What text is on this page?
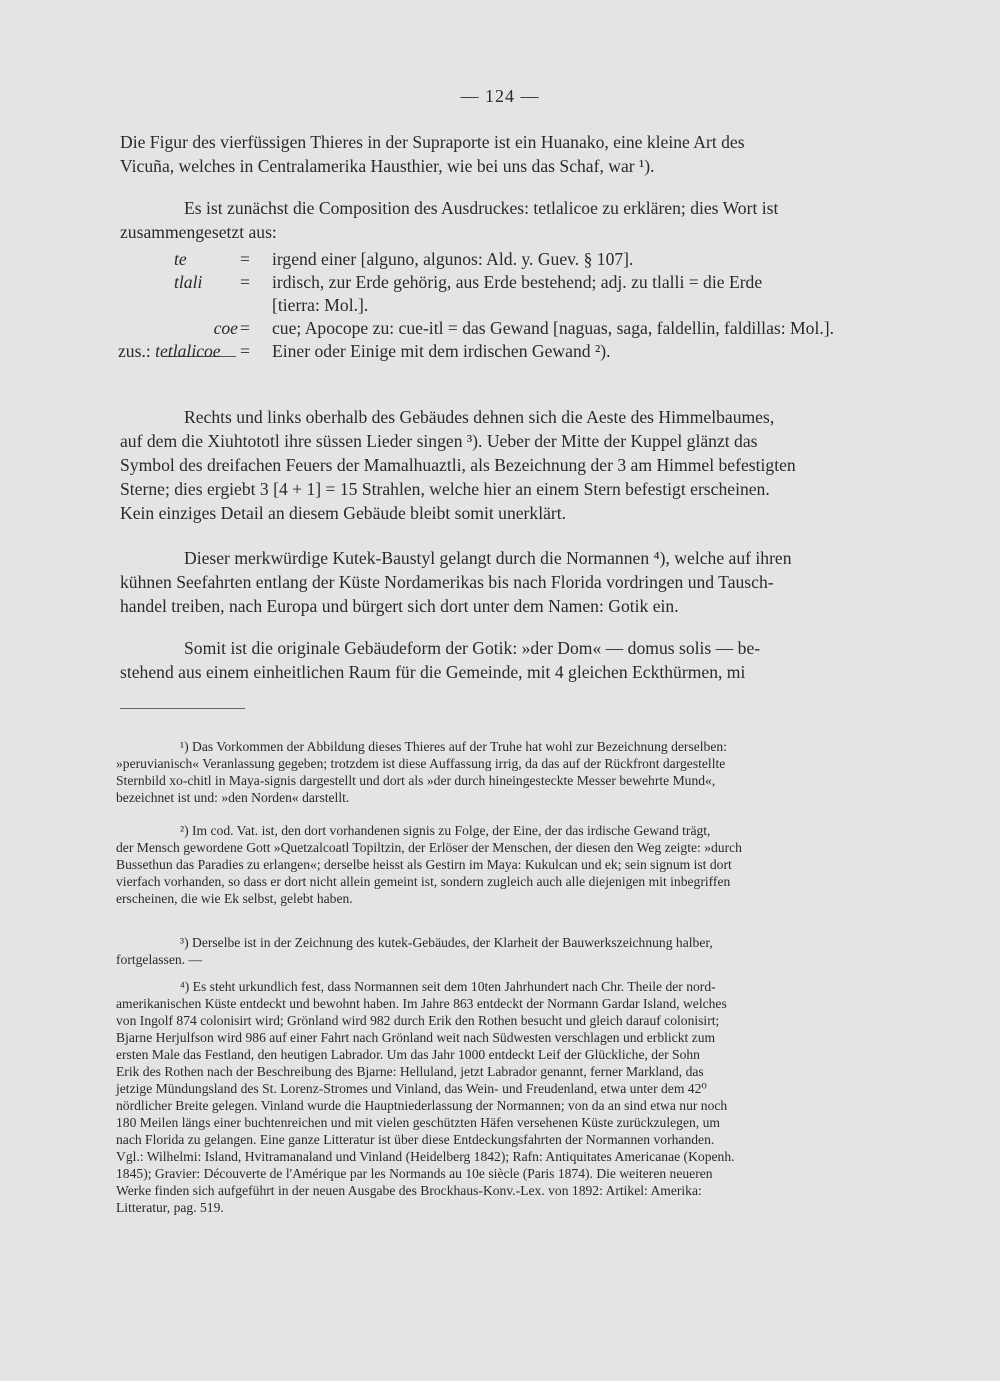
— 124 —
Die Figur des vierfüssigen Thieres in der Supraporte ist ein Huanako, eine kleine Art des
Vicuña, welches in Centralamerika Hausthier, wie bei uns das Schaf, war ¹).
Es ist zunächst die Composition des Ausdruckes: tetlalicoe zu erklären; dies Wort ist
zusammengesetzt aus:
te	= irgend einer [alguno, algunos: Ald. y. Guev. § 107].
tlali	= irdisch, zur Erde gehörig, aus Erde bestehend; adj. zu tlalli = die Erde
[tierra: Mol.].
coe = cue; Apocope zu: cue-itl = das Gewand [naguas, saga, faldellin, faldillas: Mol.].
zus.: tetlalicoe	= Einer oder Einige mit dem irdischen Gewand ²).
Rechts und links oberhalb des Gebäudes dehnen sich die Aeste des Himmelbaumes,
auf dem die Xiuhtototl ihre süssen Lieder singen ³). Ueber der Mitte der Kuppel glänzt das
Symbol des dreifachen Feuers der Mamalhuaztli, als Bezeichnung der 3 am Himmel befestigten
Sterne; dies ergiebt 3 [4 + 1] = 15 Strahlen, welche hier an einem Stern befestigt erscheinen.
Kein einziges Detail an diesem Gebäude bleibt somit unerklärt.
Dieser merkwürdige Kutek-Baustyl gelangt durch die Normannen ⁴), welche auf ihren
kühnen Seefahrten entlang der Küste Nordamerikas bis nach Florida vordringen und Tausch-
handel treiben, nach Europa und bürgert sich dort unter dem Namen: Gotik ein.
Somit ist die originale Gebäudeform der Gotik: »der Dom« — domus solis — be-
stehend aus einem einheitlichen Raum für die Gemeinde, mit 4 gleichen Eckthürmen, mi
¹) Das Vorkommen der Abbildung dieses Thieres auf der Truhe hat wohl zur Bezeichnung derselben:
»peruvianisch« Veranlassung gegeben; trotzdem ist diese Auffassung irrig, da das auf der Rückfront dargestellte
Sternbild xo-chitl in Maya-signis dargestellt und dort als »der durch hineingesteckte Messer bewehrte Mund«,
bezeichnet ist und: »den Norden« darstellt.
²) Im cod. Vat. ist, den dort vorhandenen signis zu Folge, der Eine, der das irdische Gewand trägt,
der Mensch gewordene Gott »Quetzalcoatl Topiltzin, der Erlöser der Menschen, der diesen den Weg zeigte: »durch
Bussethun das Paradies zu erlangen«; derselbe heisst als Gestirn im Maya: Kukulcan und ek; sein signum ist dort
vierfach vorhanden, so dass er dort nicht allein gemeint ist, sondern zugleich auch alle diejenigen mit inbegriffen
erscheinen, die wie Ek selbst, gelebt haben.
³) Derselbe ist in der Zeichnung des kutek-Gebäudes, der Klarheit der Bauwerkszeichnung halber,
fortgelassen. —
⁴) Es steht urkundlich fest, dass Normannen seit dem 10ten Jahrhundert nach Chr. Theile der nord-
amerikanischen Küste entdeckt und bewohnt haben. Im Jahre 863 entdeckt der Normann Gardar Island, welches
von Ingolf 874 colonisirt wird; Grönland wird 982 durch Erik den Rothen besucht und gleich darauf colonisirt;
Bjarne Herjulfson wird 986 auf einer Fahrt nach Grönland weit nach Südwesten verschlagen und erblickt zum
ersten Male das Festland, den heutigen Labrador. Um das Jahr 1000 entdeckt Leif der Glückliche, der Sohn
Erik des Rothen nach der Beschreibung des Bjarne: Helluland, jetzt Labrador genannt, ferner Markland, das
jetzige Mündungsland des St. Lorenz-Stromes und Vinland, das Wein- und Freudenland, etwa unter dem 42⁰
nördlicher Breite gelegen. Vinland wurde die Hauptniederlassung der Normannen; von da an sind etwa nur noch
180 Meilen längs einer buchtenreichen und mit vielen geschützten Häfen versehenen Küste zurückzulegen, um
nach Florida zu gelangen. Eine ganze Litteratur ist über diese Entdeckungsfahrten der Normannen vorhanden.
Vgl.: Wilhelmi: Island, Hvitramanaland und Vinland (Heidelberg 1842); Rafn: Antiquitates Americanae (Kopenh.
1845); Gravier: Découverte de l'Amérique par les Normands au 10e siècle (Paris 1874). Die weiteren neueren
Werke finden sich aufgeführt in der neuen Ausgabe des Brockhaus-Konv.-Lex. von 1892: Artikel: Amerika:
Litteratur, pag. 519.
